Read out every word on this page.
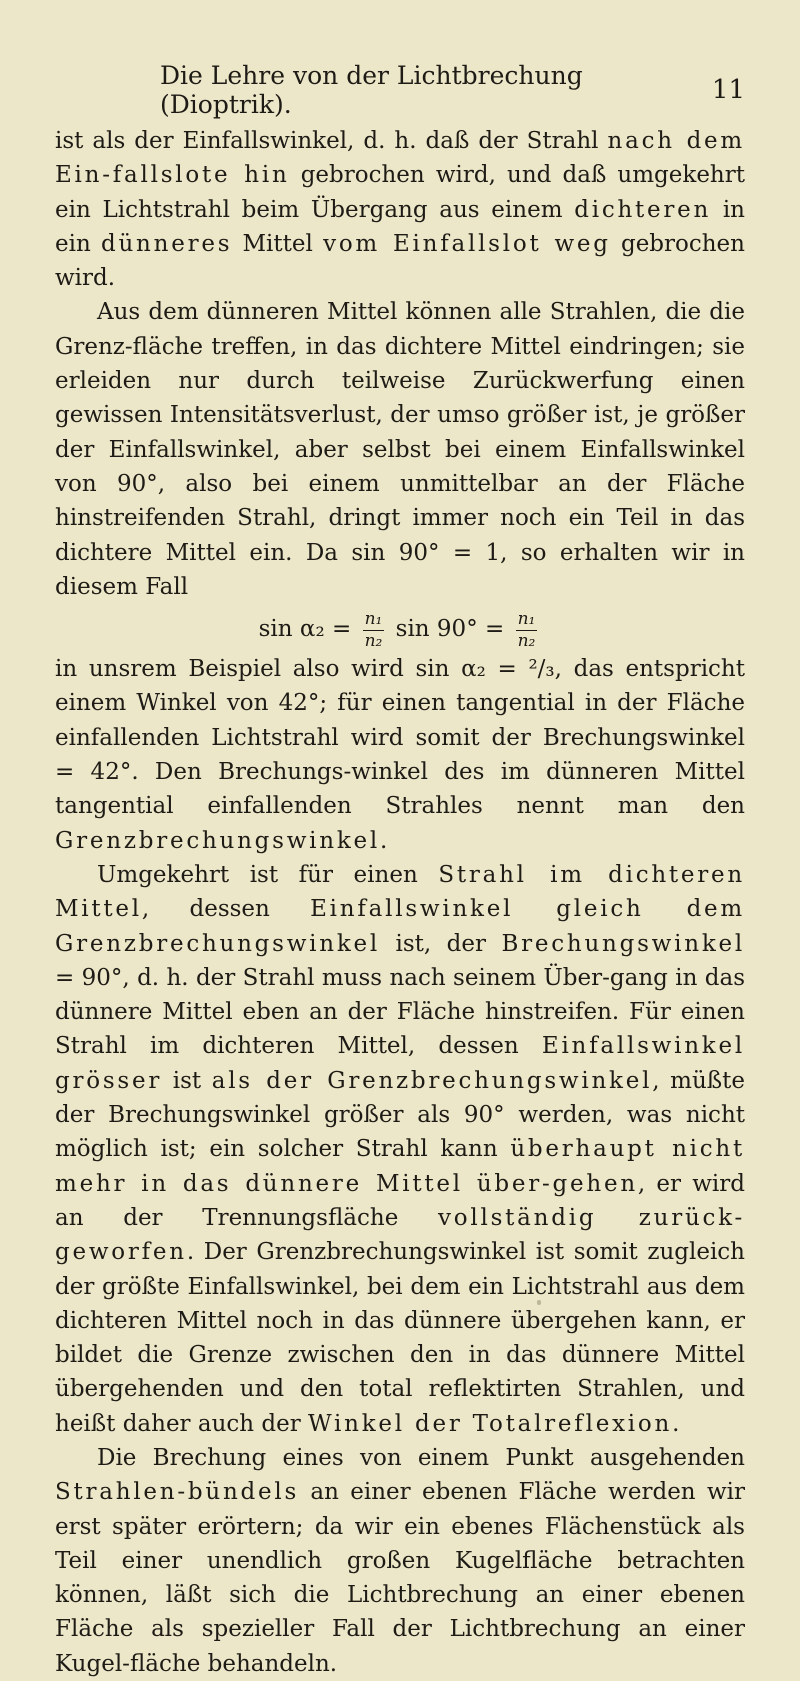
Die Lehre von der Lichtbrechung (Dioptrik).	11

ist als der Einfallswinkel, d. h. daß der Strahl nach dem Ein-fallslote hin gebrochen wird, und daß umgekehrt ein Lichtstrahl beim Übergang aus einem dichteren in ein dünneres Mittel vom Einfallslot weg gebrochen wird.

Aus dem dünneren Mittel können alle Strahlen, die die Grenz-fläche treffen, in das dichtere Mittel eindringen; sie erleiden nur durch teilweise Zurückwerfung einen gewissen Intensitätsverlust, der umso größer ist, je größer der Einfallswinkel, aber selbst bei einem Einfallswinkel von 90°, also bei einem unmittelbar an der Fläche hinstreifenden Strahl, dringt immer noch ein Teil in das dichtere Mittel ein. Da sin 90° = 1, so erhalten wir in diesem Fall

$\sin \alpha_2 = \frac{\text{n₁}}{\text{n₂}}$ $\sin 90^\circ = \frac{\text{n₁}}{\text{n₂}}$

in unsrem Beispiel also wird sin α₂ = ²/₃, das entspricht einem Winkel von 42°; für einen tangential in der Fläche einfallenden Lichtstrahl wird somit der Brechungswinkel = 42°. Den Brechungs-winkel des im dünneren Mittel tangential einfallenden Strahles nennt man den Grenzbrechungswinkel.

Umgekehrt ist für einen Strahl im dichteren Mittel, dessen Einfallswinkel gleich dem Grenzbrechungswinkel ist, der Brechungswinkel = 90°, d. h. der Strahl muss nach seinem Über-gang in das dünnere Mittel eben an der Fläche hinstreifen. Für einen Strahl im dichteren Mittel, dessen Einfallswinkel grösser ist als der Grenzbrechungswinkel, müßte der Brechungswinkel größer als 90° werden, was nicht möglich ist; ein solcher Strahl kann überhaupt nicht mehr in das dünnere Mittel über-gehen, er wird an der Trennungsfläche vollständig zurück-geworfen. Der Grenzbrechungswinkel ist somit zugleich der größte Einfallswinkel, bei dem ein Lichtstrahl aus dem dichteren Mittel noch in das dünnere übergehen kann, er bildet die Grenze zwischen den in das dünnere Mittel übergehenden und den total reflektirten Strahlen, und heißt daher auch der Winkel der Totalreflexion.

Die Brechung eines von einem Punkt ausgehenden Strahlen-bündels an einer ebenen Fläche werden wir erst später erörtern; da wir ein ebenes Flächenstück als Teil einer unendlich großen Kugelfläche betrachten können, läßt sich die Lichtbrechung an einer ebenen Fläche als spezieller Fall der Lichtbrechung an einer Kugel-fläche behandeln.
